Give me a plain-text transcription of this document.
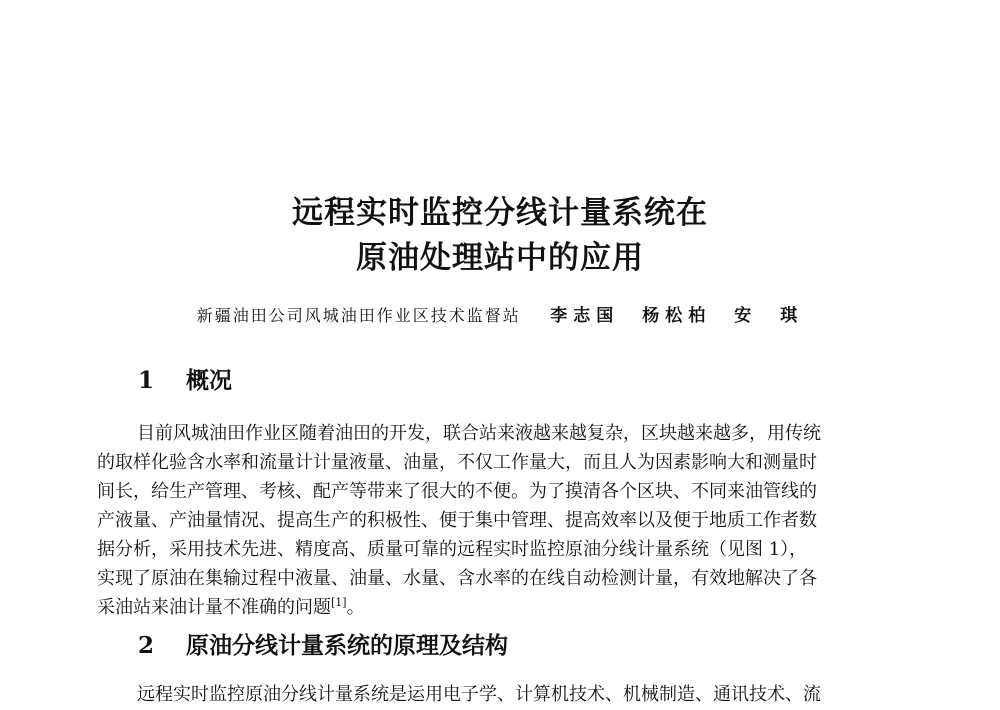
远程实时监控分线计量系统在
原油处理站中的应用
新疆油田公司风城油田作业区技术监督站 李志国　杨松柏　安　琪
1 概况
目前风城油田作业区随着油田的开发，联合站来液越来越复杂，区块越来越多，用传统
的取样化验含水率和流量计计量液量、油量，不仅工作量大，而且人为因素影响大和测量时
间长，给生产管理、考核、配产等带来了很大的不便。为了摸清各个区块、不同来油管线的
产液量、产油量情况、提高生产的积极性、便于集中管理、提高效率以及便于地质工作者数
据分析，采用技术先进、精度高、质量可靠的远程实时监控原油分线计量系统（见图 1），
实现了原油在集输过程中液量、油量、水量、含水率的在线自动检测计量，有效地解决了各
采油站来油计量不准确的问题[1]。
2 原油分线计量系统的原理及结构
远程实时监控原油分线计量系统是运用电子学、计算机技术、机械制造、通讯技术、流
